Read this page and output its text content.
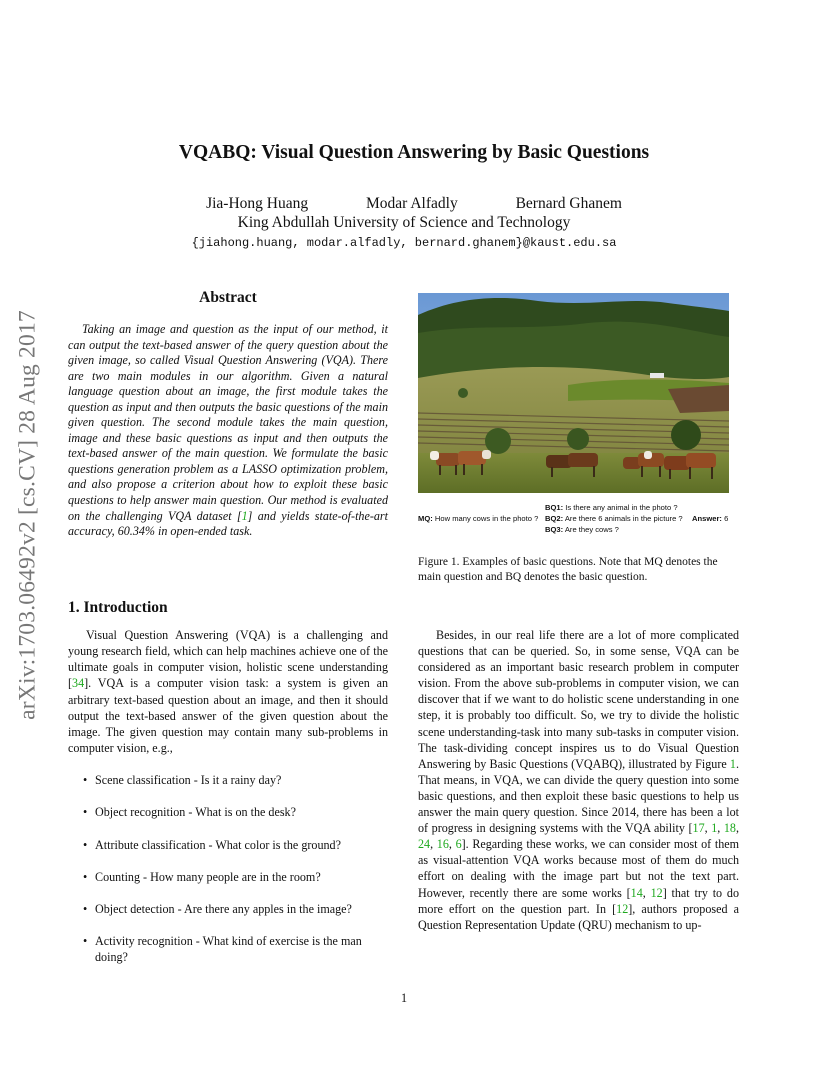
arXiv:1703.06492v2 [cs.CV] 28 Aug 2017
VQABQ: Visual Question Answering by Basic Questions
Jia-Hong Huang	Modar Alfadly	Bernard Ghanem
King Abdullah University of Science and Technology
{jiahong.huang, modar.alfadly, bernard.ghanem}@kaust.edu.sa
Abstract
Taking an image and question as the input of our method, it can output the text-based answer of the query question about the given image, so called Visual Question Answering (VQA). There are two main modules in our algorithm. Given a natural language question about an image, the first module takes the question as input and then outputs the basic questions of the main given question. The second module takes the main question, image and these basic questions as input and then outputs the text-based answer of the main question. We formulate the basic questions generation problem as a LASSO optimization problem, and also propose a criterion about how to exploit these basic questions to help answer main question. Our method is evaluated on the challenging VQA dataset [1] and yields state-of-the-art accuracy, 60.34% in open-ended task.
1. Introduction
Visual Question Answering (VQA) is a challenging and young research field, which can help machines achieve one of the ultimate goals in computer vision, holistic scene understanding [34]. VQA is a computer vision task: a system is given an arbitrary text-based question about an image, and then it should output the text-based answer of the given question about the image. The given question may contain many sub-problems in computer vision, e.g.,
• Scene classification - Is it a rainy day?
• Object recognition - What is on the desk?
• Attribute classification - What color is the ground?
• Counting - How many people are in the room?
• Object detection - Are there any apples in the image?
• Activity recognition - What kind of exercise is the man doing?
BQ1: Is there any animal in the photo ?
MQ: How many cows in the photo ? BQ2: Are there 6 animals in the picture ? Answer: 6
BQ3: Are they cows ?
Figure 1. Examples of basic questions. Note that MQ denotes the main question and BQ denotes the basic question.
Besides, in our real life there are a lot of more complicated questions that can be queried. So, in some sense, VQA can be considered as an important basic research problem in computer vision. From the above sub-problems in computer vision, we can discover that if we want to do holistic scene understanding in one step, it is probably too difficult. So, we try to divide the holistic scene understanding-task into many sub-tasks in computer vision. The task-dividing concept inspires us to do Visual Question Answering by Basic Questions (VQABQ), illustrated by Figure 1. That means, in VQA, we can divide the query question into some basic questions, and then exploit these basic questions to help us answer the main query question. Since 2014, there has been a lot of progress in designing systems with the VQA ability [17, 1, 18, 24, 16, 6]. Regarding these works, we can consider most of them as visual-attention VQA works because most of them do much effort on dealing with the image part but not the text part. However, recently there are some works [14, 12] that try to do more effort on the question part. In [12], authors proposed a Question Representation Update (QRU) mechanism to up-
1
